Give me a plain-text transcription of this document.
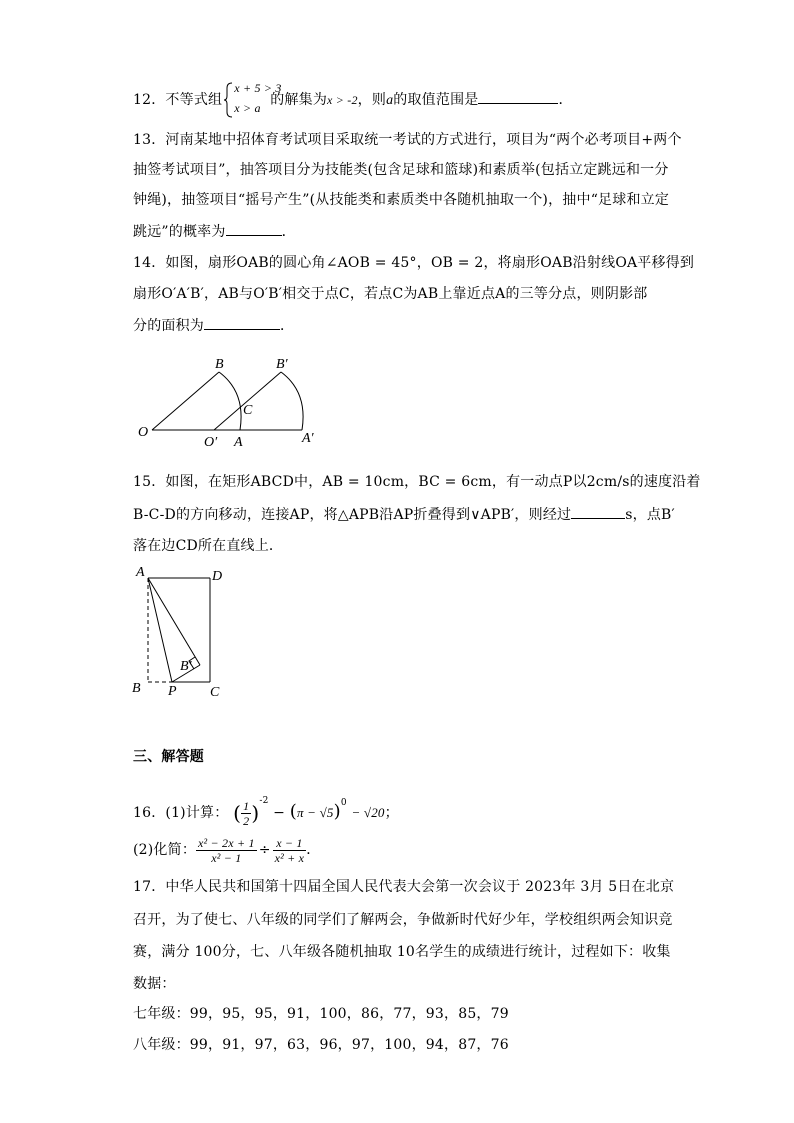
12．不等式组
x + 5 > 3
x > a 的解集为x > -2，则a的取值范围是	．
13．河南某地中招体育考试项目采取统一考试的方式进行，项目为“两个必考项目+两个
抽签考试项目”，抽答项目分为技能类(包含足球和篮球)和素质举(包括立定跳远和一分
钟绳)，抽签项目“摇号产生”(从技能类和素质类中各随机抽取一个)，抽中“足球和立定
跳远”的概率为	．
14．如图，扇形OAB的圆心角∠AOB = 45°，OB = 2，将扇形OAB沿射线OA平移得到
扇形O′A′B′，AB与O′B′相交于点C，若点C为AB上靠近点A的三等分点，则阴影部
分的面积为	．
O
B	B′
C
O′ A	A′
15．如图，在矩形ABCD中，AB = 10cm，BC = 6cm，有一动点P以2cm/s的速度沿着
B-C-D的方向移动，连接AP，将△APB沿AP折叠得到∨APB′，则经过	s，点B′
落在边CD所在直线上．
A	D
B′
B P C
三、解答题
16．(1)计算： ( $\frac{1}{2} )^{-2} - (\pi - √5)^0 - √20$；
(2)化简： $\frac{\text{x² − 2x + 1}}{\text{x² − 1}} \div \frac{x - 1}{\text{x² + x}}$ ．
17．中华人民共和国第十四届全国人民代表大会第一次会议于 2023年 3月 5日在北京
召开，为了使七、八年级的同学们了解两会，争做新时代好少年，学校组织两会知识竞
赛，满分 100分，七、八年级各随机抽取 10名学生的成绩进行统计，过程如下：收集
数据：
七年级：99，95，95，91，100，86，77，93，85，79
八年级：99，91，97，63，96，97，100，94，87，76
